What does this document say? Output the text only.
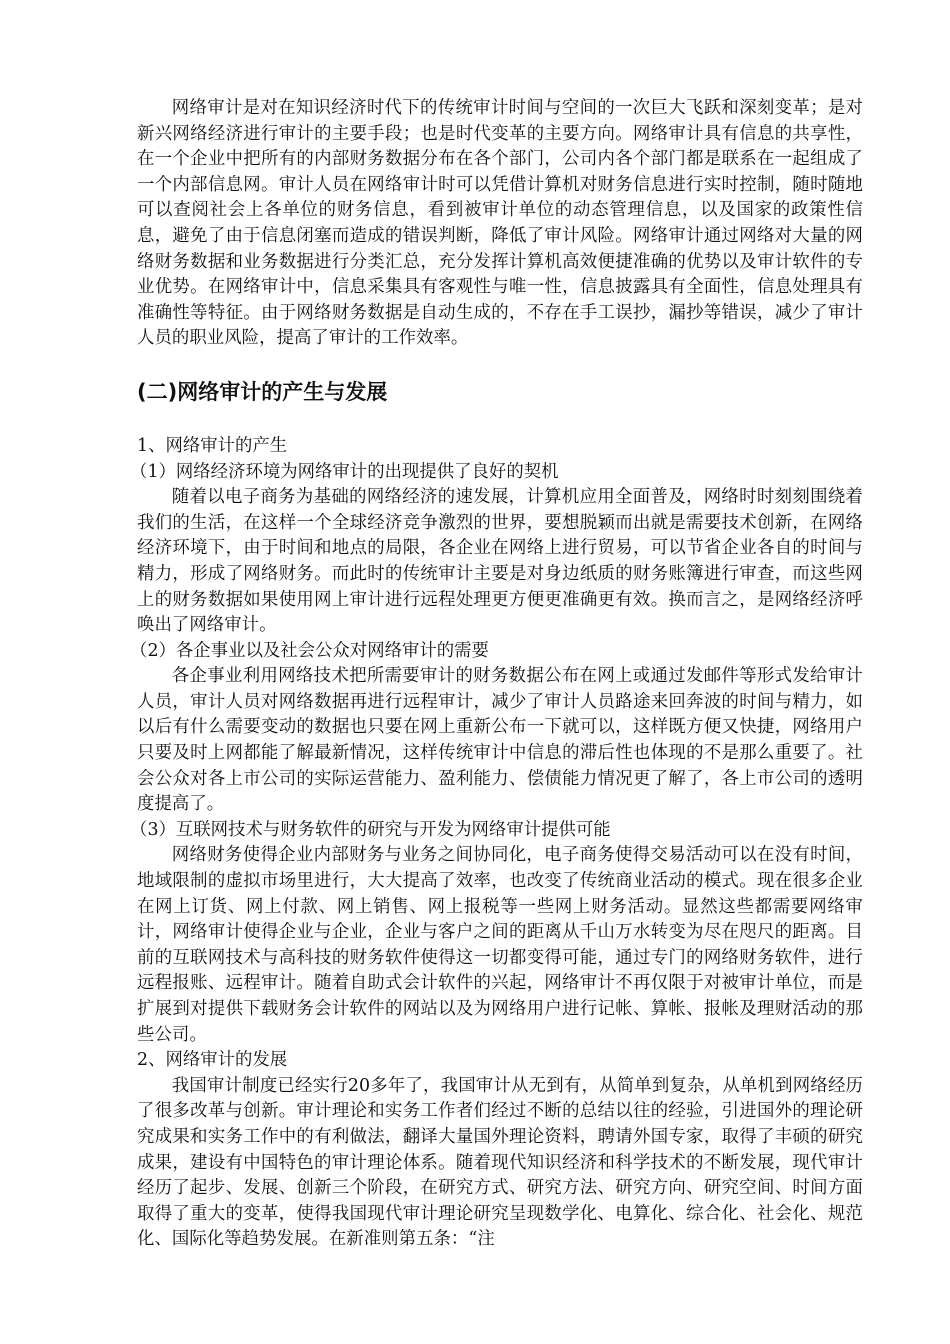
网络审计是对在知识经济时代下的传统审计时间与空间的一次巨大飞跃和深刻变革；是对新兴网络经济进行审计的主要手段；也是时代变革的主要方向。网络审计具有信息的共享性，在一个企业中把所有的内部财务数据分布在各个部门，公司内各个部门都是联系在一起组成了一个内部信息网。审计人员在网络审计时可以凭借计算机对财务信息进行实时控制，随时随地可以查阅社会上各单位的财务信息，看到被审计单位的动态管理信息，以及国家的政策性信息，避免了由于信息闭塞而造成的错误判断，降低了审计风险。网络审计通过网络对大量的网络财务数据和业务数据进行分类汇总，充分发挥计算机高效便捷准确的优势以及审计软件的专业优势。在网络审计中，信息采集具有客观性与唯一性，信息披露具有全面性，信息处理具有准确性等特征。由于网络财务数据是自动生成的，不存在手工误抄，漏抄等错误，减少了审计人员的职业风险，提高了审计的工作效率。

(二)网络审计的产生与发展

1、网络审计的产生

（1）网络经济环境为网络审计的出现提供了良好的契机

随着以电子商务为基础的网络经济的速发展，计算机应用全面普及，网络时时刻刻围绕着我们的生活，在这样一个全球经济竞争激烈的世界，要想脱颖而出就是需要技术创新，在网络经济环境下，由于时间和地点的局限，各企业在网络上进行贸易，可以节省企业各自的时间与精力，形成了网络财务。而此时的传统审计主要是对身边纸质的财务账簿进行审查，而这些网上的财务数据如果使用网上审计进行远程处理更方便更准确更有效。换而言之，是网络经济呼唤出了网络审计。

（2）各企事业以及社会公众对网络审计的需要

各企事业利用网络技术把所需要审计的财务数据公布在网上或通过发邮件等形式发给审计人员，审计人员对网络数据再进行远程审计，减少了审计人员路途来回奔波的时间与精力，如以后有什么需要变动的数据也只要在网上重新公布一下就可以，这样既方便又快捷，网络用户只要及时上网都能了解最新情况，这样传统审计中信息的滞后性也体现的不是那么重要了。社会公众对各上市公司的实际运营能力、盈利能力、偿债能力情况更了解了，各上市公司的透明度提高了。

（3）互联网技术与财务软件的研究与开发为网络审计提供可能

网络财务使得企业内部财务与业务之间协同化，电子商务使得交易活动可以在没有时间，地域限制的虚拟市场里进行，大大提高了效率，也改变了传统商业活动的模式。现在很多企业在网上订货、网上付款、网上销售、网上报税等一些网上财务活动。显然这些都需要网络审计，网络审计使得企业与企业，企业与客户之间的距离从千山万水转变为尽在咫尺的距离。目前的互联网技术与高科技的财务软件使得这一切都变得可能，通过专门的网络财务软件，进行远程报账、远程审计。随着自助式会计软件的兴起，网络审计不再仅限于对被审计单位，而是扩展到对提供下载财务会计软件的网站以及为网络用户进行记帐、算帐、报帐及理财活动的那些公司。

2、网络审计的发展

我国审计制度已经实行20多年了，我国审计从无到有，从简单到复杂，从单机到网络经历了很多改革与创新。审计理论和实务工作者们经过不断的总结以往的经验，引进国外的理论研究成果和实务工作中的有利做法，翻译大量国外理论资料，聘请外国专家，取得了丰硕的研究成果，建设有中国特色的审计理论体系。随着现代知识经济和科学技术的不断发展，现代审计经历了起步、发展、创新三个阶段，在研究方式、研究方法、研究方向、研究空间、时间方面取得了重大的变革，使得我国现代审计理论研究呈现数学化、电算化、综合化、社会化、规范化、国际化等趋势发展。在新准则第五条：“注
